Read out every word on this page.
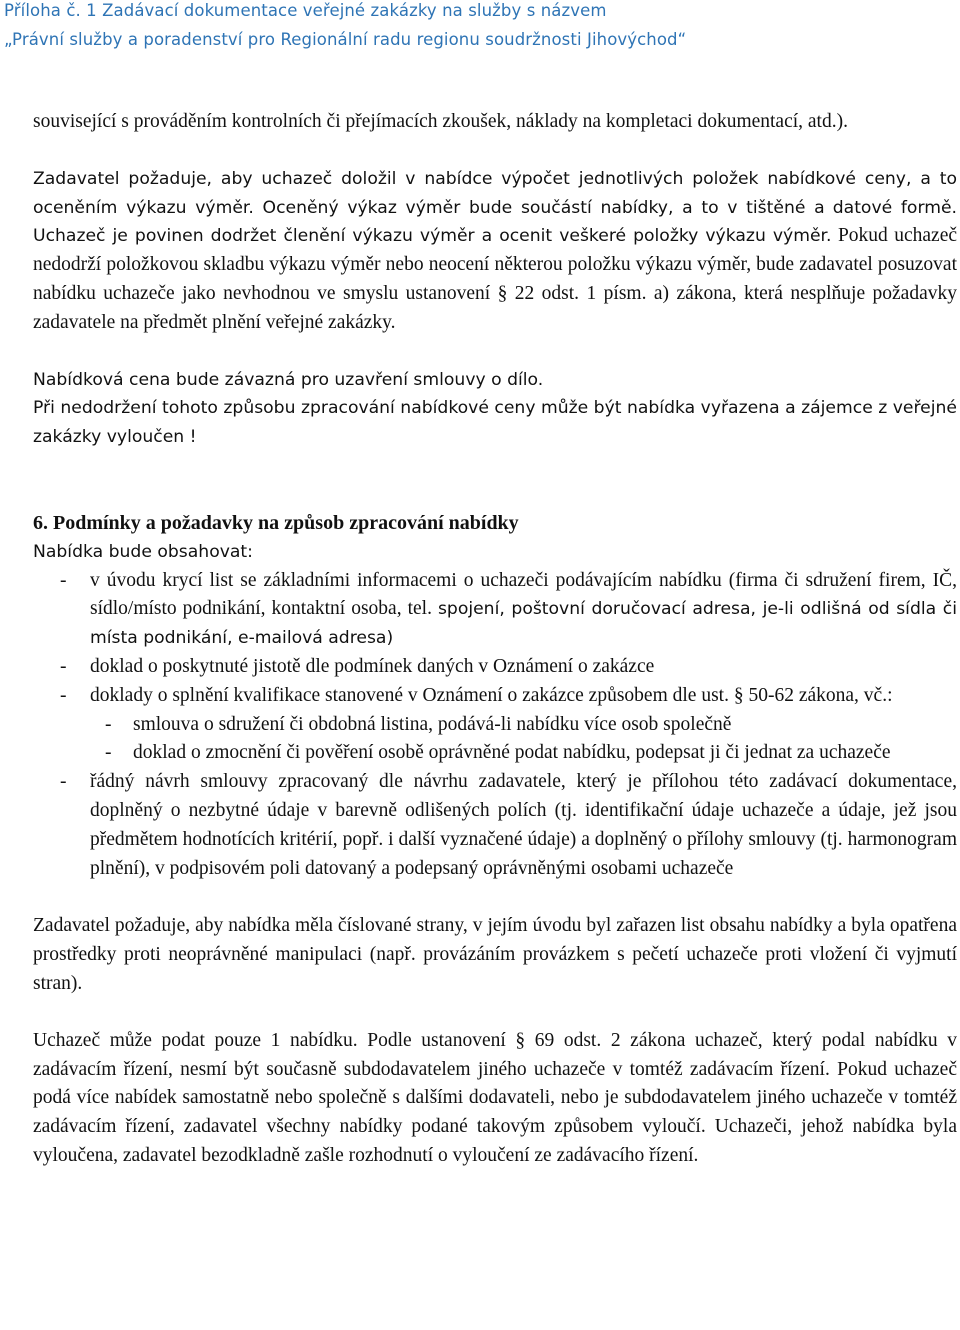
Příloha č. 1 Zadávací dokumentace veřejné zakázky na služby s názvem
„Právní služby a poradenství pro Regionální radu regionu soudržnosti Jihovýchod“

související s prováděním kontrolních či přejímacích zkoušek, náklady na kompletaci dokumentací, atd.).

Zadavatel požaduje, aby uchazeč doložil v nabídce výpočet jednotlivých položek nabídkové ceny, a to oceněním výkazu výměr. Oceněný výkaz výměr bude součástí nabídky, a to v tištěné a datové formě. Uchazeč je povinen dodržet členění výkazu výměr a ocenit veškeré položky výkazu výměr. Pokud uchazeč nedodrží položkovou skladbu výkazu výměr nebo neocení některou položku výkazu výměr, bude zadavatel posuzovat nabídku uchazeče jako nevhodnou ve smyslu ustanovení § 22 odst. 1 písm. a) zákona, která nesplňuje požadavky zadavatele na předmět plnění veřejné zakázky.

Nabídková cena bude závazná pro uzavření smlouvy o dílo.

Při nedodržení tohoto způsobu zpracování nabídkové ceny může být nabídka vyřazena a zájemce z veřejné zakázky vyloučen !

6. Podmínky a požadavky na způsob zpracování nabídky
Nabídka bude obsahovat:
- v úvodu krycí list se základními informacemi o uchazeči podávajícím nabídku (firma či sdružení firem, IČ, sídlo/místo podnikání, kontaktní osoba, tel. spojení, poštovní doručovací adresa, je-li odlišná od sídla či místa podnikání, e-mailová adresa)
- doklad o poskytnuté jistotě dle podmínek daných v Oznámení o zakázce
- doklady o splnění kvalifikace stanovené v Oznámení o zakázce způsobem dle ust. § 50-62 zákona, vč.:
- smlouva o sdružení či obdobná listina, podává-li nabídku více osob společně
- doklad o zmocnění či pověření osobě oprávněné podat nabídku, podepsat ji či jednat za uchazeče
- řádný návrh smlouvy zpracovaný dle návrhu zadavatele, který je přílohou této zadávací dokumentace, doplněný o nezbytné údaje v barevně odlišených polích (tj. identifikační údaje uchazeče a údaje, jež jsou předmětem hodnotících kritérií, popř. i další vyznačené údaje) a doplněný o přílohy smlouvy (tj. harmonogram plnění), v podpisovém poli datovaný a podepsaný oprávněnými osobami uchazeče

Zadavatel požaduje, aby nabídka měla číslované strany, v jejím úvodu byl zařazen list obsahu nabídky a byla opatřena prostředky proti neoprávněné manipulaci (např. provázáním provázkem s pečetí uchazeče proti vložení či vyjmutí stran).

Uchazeč může podat pouze 1 nabídku. Podle ustanovení § 69 odst. 2 zákona uchazeč, který podal nabídku v zadávacím řízení, nesmí být současně subdodavatelem jiného uchazeče v tomtéž zadávacím řízení. Pokud uchazeč podá více nabídek samostatně nebo společně s dalšími dodavateli, nebo je subdodavatelem jiného uchazeče v tomtéž zadávacím řízení, zadavatel všechny nabídky podané takovým způsobem vyloučí. Uchazeči, jehož nabídka byla vyloučena, zadavatel bezodkladně zašle rozhodnutí o vyloučení ze zadávacího řízení.
